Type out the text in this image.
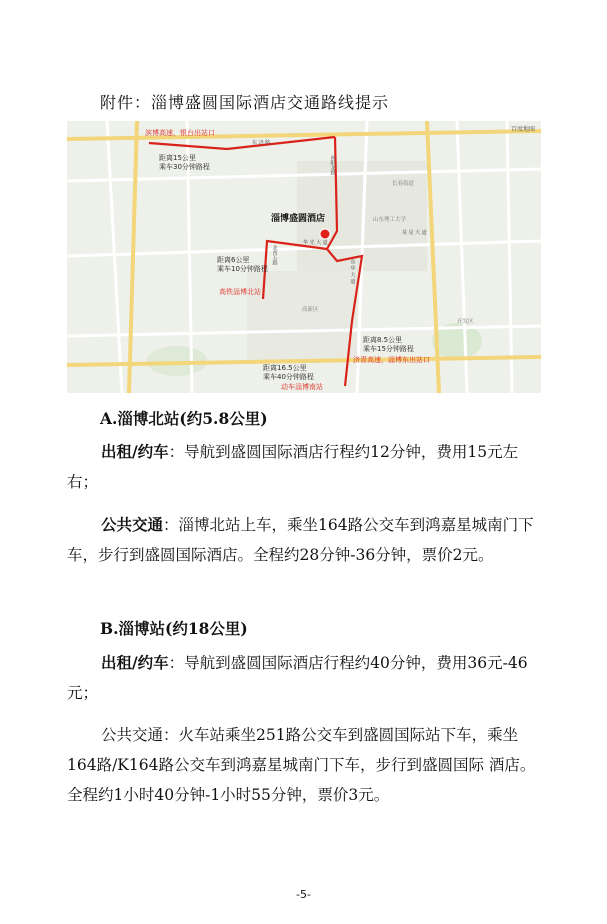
附件：淄博盛圆国际酒店交通路线提示
百度地图
滨博高速，银台出站口
东 济 路
距离15公里
乘车30分钟路程	向阳北路
长春街道
淄博盛圆酒店
华 光 大 道
昊 星 大 道
山东理工大学
北西五路
距离6公里
乘车10分钟路程
高铁淄博北站
东 华 大 道
高新区
开发区
距离8.5公里
乘车15分钟路程
济青高速，淄博东出站口
距离16.5公里
乘车40分钟路程
动车淄博南站
A.淄博北站(约5.8公里)
出租/约车：导航到盛圆国际酒店行程约12分钟，费用15元左右；
公共交通：淄博北站上车，乘坐164路公交车到鸿嘉星城南门下车，步行到盛圆国际酒店。全程约28分钟-36分钟，票价2元。
B.淄博站(约18公里)
出租/约车：导航到盛圆国际酒店行程约40分钟，费用36元-46元；
公共交通：火车站乘坐251路公交车到盛圆国际站下车，乘坐164路/K164路公交车到鸿嘉星城南门下车，步行到盛圆国际 酒店。全程约1小时40分钟-1小时55分钟，票价3元。
-5-
